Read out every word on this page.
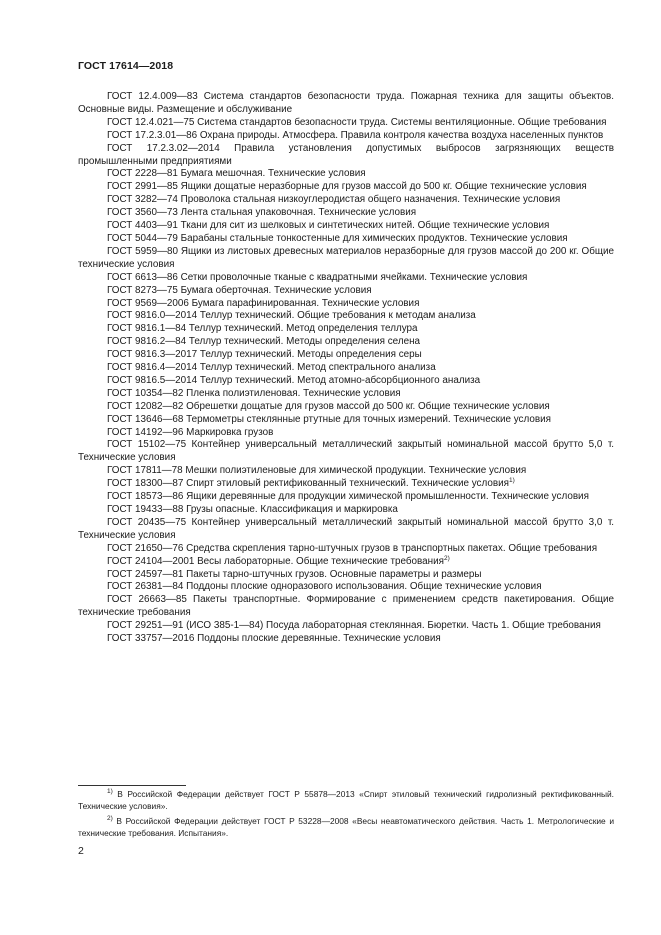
ГОСТ 17614—2018

ГОСТ 12.4.009—83 Система стандартов безопасности труда. Пожарная техника для защиты объектов. Основные виды. Размещение и обслуживание

ГОСТ 12.4.021—75 Система стандартов безопасности труда. Системы вентиляционные. Общие требования

ГОСТ 17.2.3.01—86 Охрана природы. Атмосфера. Правила контроля качества воздуха населенных пунктов

ГОСТ 17.2.3.02—2014 Правила установления допустимых выбросов загрязняющих веществ промышленными предприятиями

ГОСТ 2228—81 Бумага мешочная. Технические условия

ГОСТ 2991—85 Ящики дощатые неразборные для грузов массой до 500 кг. Общие технические условия

ГОСТ 3282—74 Проволока стальная низкоуглеродистая общего назначения. Технические условия

ГОСТ 3560—73 Лента стальная упаковочная. Технические условия

ГОСТ 4403—91 Ткани для сит из шелковых и синтетических нитей. Общие технические условия

ГОСТ 5044—79 Барабаны стальные тонкостенные для химических продуктов. Технические условия

ГОСТ 5959—80 Ящики из листовых древесных материалов неразборные для грузов массой до 200 кг. Общие технические условия

ГОСТ 6613—86 Сетки проволочные тканые с квадратными ячейками. Технические условия

ГОСТ 8273—75 Бумага оберточная. Технические условия

ГОСТ 9569—2006 Бумага парафинированная. Технические условия

ГОСТ 9816.0—2014 Теллур технический. Общие требования к методам анализа

ГОСТ 9816.1—84 Теллур технический. Метод определения теллура

ГОСТ 9816.2—84 Теллур технический. Методы определения селена

ГОСТ 9816.3—2017 Теллур технический. Методы определения серы

ГОСТ 9816.4—2014 Теллур технический. Метод спектрального анализа

ГОСТ 9816.5—2014 Теллур технический. Метод атомно-абсорбционного анализа

ГОСТ 10354—82 Пленка полиэтиленовая. Технические условия

ГОСТ 12082—82 Обрешетки дощатые для грузов массой до 500 кг. Общие технические условия

ГОСТ 13646—68 Термометры стеклянные ртутные для точных измерений. Технические условия

ГОСТ 14192—96 Маркировка грузов

ГОСТ 15102—75 Контейнер универсальный металлический закрытый номинальной массой брутто 5,0 т. Технические условия

ГОСТ 17811—78 Мешки полиэтиленовые для химической продукции. Технические условия

ГОСТ 18300—87 Спирт этиловый ректификованный технический. Технические условия$^{1)}$

ГОСТ 18573—86 Ящики деревянные для продукции химической промышленности. Технические условия

ГОСТ 19433—88 Грузы опасные. Классификация и маркировка

ГОСТ 20435—75 Контейнер универсальный металлический закрытый номинальной массой брутто 3,0 т. Технические условия

ГОСТ 21650—76 Средства скрепления тарно-штучных грузов в транспортных пакетах. Общие требования

ГОСТ 24104—2001 Весы лабораторные. Общие технические требования$^{2)}$

ГОСТ 24597—81 Пакеты тарно-штучных грузов. Основные параметры и размеры

ГОСТ 26381—84 Поддоны плоские одноразового использования. Общие технические условия

ГОСТ 26663—85 Пакеты транспортные. Формирование с применением средств пакетирования. Общие технические требования

ГОСТ 29251—91 (ИСО 385-1—84) Посуда лабораторная стеклянная. Бюретки. Часть 1. Общие требования

ГОСТ 33757—2016 Поддоны плоские деревянные. Технические условия

$^{1)}$ В Российской Федерации действует ГОСТ Р 55878—2013 «Спирт этиловый технический гидролизный ректификованный. Технические условия».

$^{2)}$ В Российской Федерации действует ГОСТ Р 53228—2008 «Весы неавтоматического действия. Часть 1. Метрологические и технические требования. Испытания».

2
